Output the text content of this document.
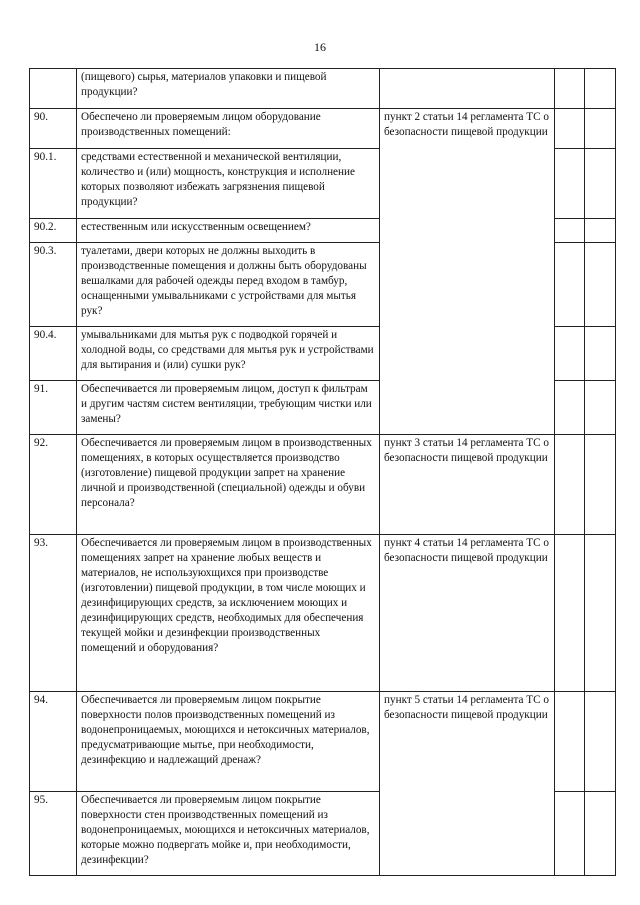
16
	(пищевого) сырья, материалов упаковки и пищевой продукции?			
90.	Обеспечено ли проверяемым лицом оборудование производственных помещений:	пункт 2 статьи 14 регламента ТС о безопасности пищевой продукции		
90.1.	средствами естественной и механической вентиляции, количество и (или) мощность, конструкция и исполнение которых позволяют избежать загрязнения пищевой продукции?			
90.2.	естественным или искусственным освещением?			
90.3.	туалетами, двери которых не должны выходить в производственные помещения и должны быть оборудованы вешалками для рабочей одежды перед входом в тамбур, оснащенными умывальниками с устройствами для мытья рук?			
90.4.	умывальниками для мытья рук с подводкой горячей и холодной воды, со средствами для мытья рук и устройствами для вытирания и (или) сушки рук?			
91.	Обеспечивается ли проверяемым лицом, доступ к фильтрам и другим частям систем вентиляции, требующим чистки или замены?			
92.	Обеспечивается ли проверяемым лицом в производственных помещениях, в которых осуществляется производство (изготовление) пищевой продукции запрет на хранение личной и производственной (специальной) одежды и обуви персонала?	пункт 3 статьи 14 регламента ТС о безопасности пищевой продукции		
93.	Обеспечивается ли проверяемым лицом в производственных помещениях запрет на хранение любых веществ и материалов, не используюхщихся при производстве (изготовлении) пищевой продукции, в том числе моющих и дезинфицирующих средств, за исключением моющих и дезинфицирующих средств, необходимых для обеспечения текущей мойки и дезинфекции производственных помещений и оборудования?	пункт 4 статьи 14 регламента ТС о безопасности пищевой продукции		
94.	Обеспечивается ли проверяемым лицом покрытие поверхности полов производственных помещений из водонепроницаемых, моющихся и нетоксичных материалов, предусматривающие мытье, при необходимости, дезинфекцию и надлежащий дренаж?	пункт 5 статьи 14 регламента ТС о безопасности пищевой продукции		
95.	Обеспечивается ли проверяемым лицом покрытие поверхности стен производственных помещений из водонепроницаемых, моющихся и нетоксичных материалов, которые можно подвергать мойке и, при необходимости, дезинфекции?			
